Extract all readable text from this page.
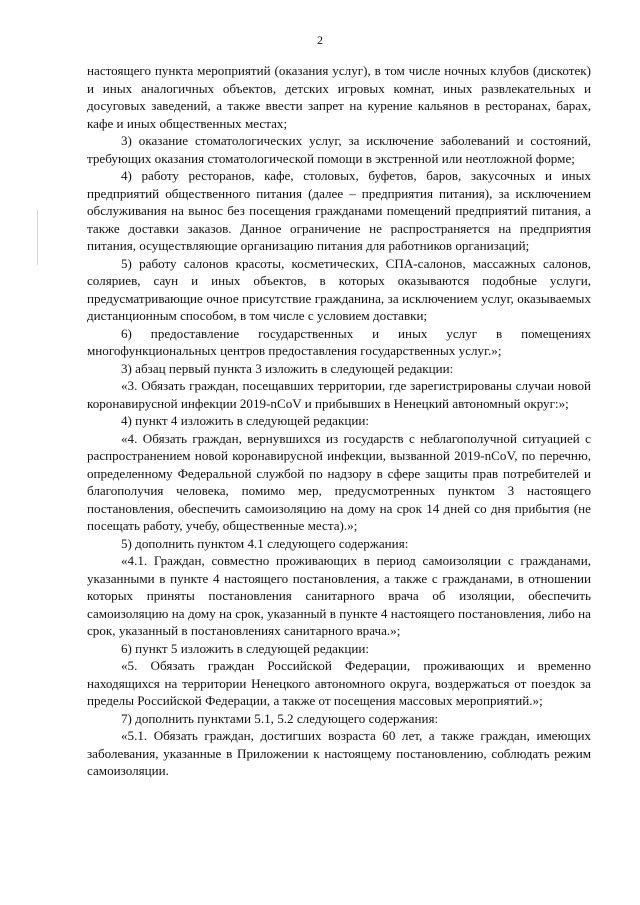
2

настоящего пункта мероприятий (оказания услуг), в том числе ночных клубов (дискотек) и иных аналогичных объектов, детских игровых комнат, иных развлекательных и досуговых заведений, а также ввести запрет на курение кальянов в ресторанах, барах, кафе и иных общественных местах;

3) оказание стоматологических услуг, за исключение заболеваний и состояний, требующих оказания стоматологической помощи в экстренной или неотложной форме;

4) работу ресторанов, кафе, столовых, буфетов, баров, закусочных и иных предприятий общественного питания (далее – предприятия питания), за исключением обслуживания на вынос без посещения гражданами помещений предприятий питания, а также доставки заказов. Данное ограничение не распространяется на предприятия питания, осуществляющие организацию питания для работников организаций;

5) работу салонов красоты, косметических, СПА-салонов, массажных салонов, соляриев, саун и иных объектов, в которых оказываются подобные услуги, предусматривающие очное присутствие гражданина, за исключением услуг, оказываемых дистанционным способом, в том числе с условием доставки;

6) предоставление государственных и иных услуг в помещениях многофункциональных центров предоставления государственных услуг.»;

3) абзац первый пункта 3 изложить в следующей редакции:

«3. Обязать граждан, посещавших территории, где зарегистрированы случаи новой коронавирусной инфекции 2019-nCoV и прибывших в Ненецкий автономный округ:»;

4) пункт 4 изложить в следующей редакции:

«4. Обязать граждан, вернувшихся из государств с неблагополучной ситуацией с распространением новой коронавирусной инфекции, вызванной 2019-nCoV, по перечню, определенному Федеральной службой по надзору в сфере защиты прав потребителей и благополучия человека, помимо мер, предусмотренных пунктом 3 настоящего постановления, обеспечить самоизоляцию на дому на срок 14 дней со дня прибытия (не посещать работу, учебу, общественные места).»;

5) дополнить пунктом 4.1 следующего содержания:

«4.1. Граждан, совместно проживающих в период самоизоляции с гражданами, указанными в пункте 4 настоящего постановления, а также с гражданами, в отношении которых приняты постановления санитарного врача об изоляции, обеспечить самоизоляцию на дому на срок, указанный в пункте 4 настоящего постановления, либо на срок, указанный в постановлениях санитарного врача.»;

6) пункт 5 изложить в следующей редакции:

«5. Обязать граждан Российской Федерации, проживающих и временно находящихся на территории Ненецкого автономного округа, воздержаться от поездок за пределы Российской Федерации, а также от посещения массовых мероприятий.»;

7) дополнить пунктами 5.1, 5.2 следующего содержания:

«5.1. Обязать граждан, достигших возраста 60 лет, а также граждан, имеющих заболевания, указанные в Приложении к настоящему постановлению, соблюдать режим самоизоляции.
